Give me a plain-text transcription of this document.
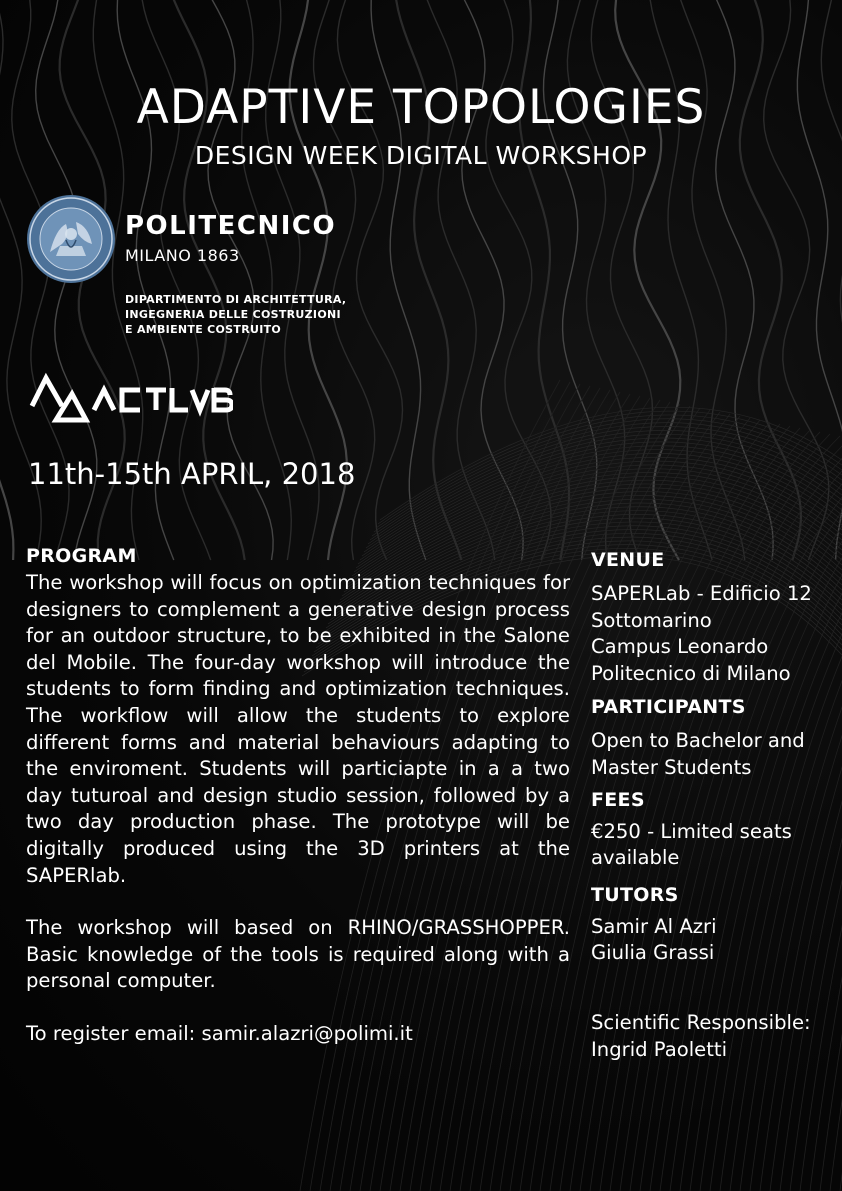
ADAPTIVE TOPOLOGIES
DESIGN WEEK DIGITAL WORKSHOP
POLITECNICO
MILANO 1863
DIPARTIMENTO DI ARCHITETTURA,
INGEGNERIA DELLE COSTRUZIONI
E AMBIENTE COSTRUITO
11th-15th APRIL, 2018
PROGRAM
The workshop will focus on optimization techniques for designers to complement a generative design process for an outdoor structure, to be exhibited in the Salone del Mobile. The four-day workshop will introduce the students to form finding and optimization techniques. The workflow will allow the students to explore different forms and material behaviours adapting to the enviroment. Students will particiapte in a a two day tuturoal and design studio session, followed by a two day production phase. The prototype will be digitally produced using the 3D printers at the SAPERlab.
The workshop will based on RHINO/GRASSHOPPER. Basic knowledge of the tools is required along with a personal computer.
To register email: samir.alazri@polimi.it
VENUE
SAPERLab - Edificio 12
Sottomarino
Campus Leonardo
Politecnico di Milano
PARTICIPANTS
Open to Bachelor and
Master Students
FEES
€250 - Limited seats
available
TUTORS
Samir Al Azri
Giulia Grassi
Scientific Responsible:
Ingrid Paoletti
